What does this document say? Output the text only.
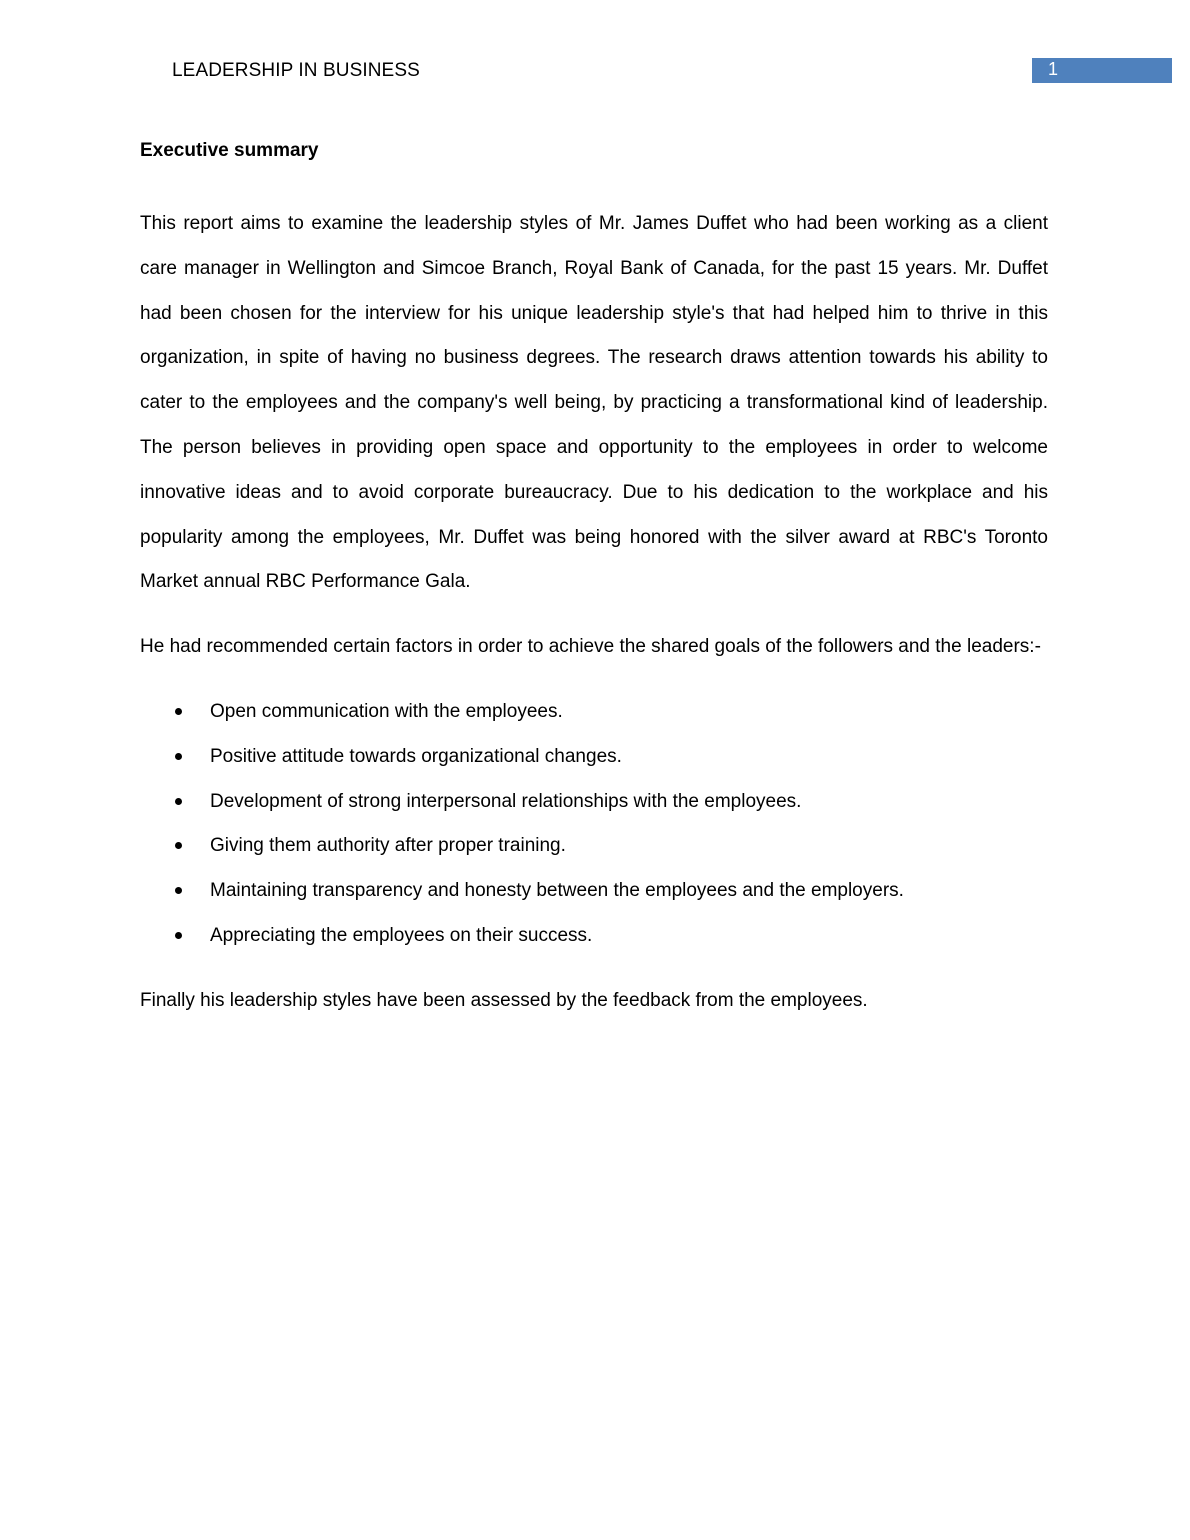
LEADERSHIP IN BUSINESS	1
Executive summary

This report aims to examine the leadership styles of Mr. James Duffet who had been working as a client care manager in Wellington and Simcoe Branch, Royal Bank of Canada, for the past 15 years. Mr. Duffet had been chosen for the interview for his unique leadership style's that had helped him to thrive in this organization, in spite of having no business degrees. The research draws attention towards his ability to cater to the employees and the company's well being, by practicing a transformational kind of leadership. The person believes in providing open space and opportunity to the employees in order to welcome innovative ideas and to avoid corporate bureaucracy. Due to his dedication to the workplace and his popularity among the employees, Mr. Duffet was being honored with the silver award at RBC's Toronto Market annual RBC Performance Gala.

He had recommended certain factors in order to achieve the shared goals of the followers and the leaders:-

Open communication with the employees.
Positive attitude towards organizational changes.
Development of strong interpersonal relationships with the employees.
Giving them authority after proper training.
Maintaining transparency and honesty between the employees and the employers.
Appreciating the employees on their success.

Finally his leadership styles have been assessed by the feedback from the employees.
